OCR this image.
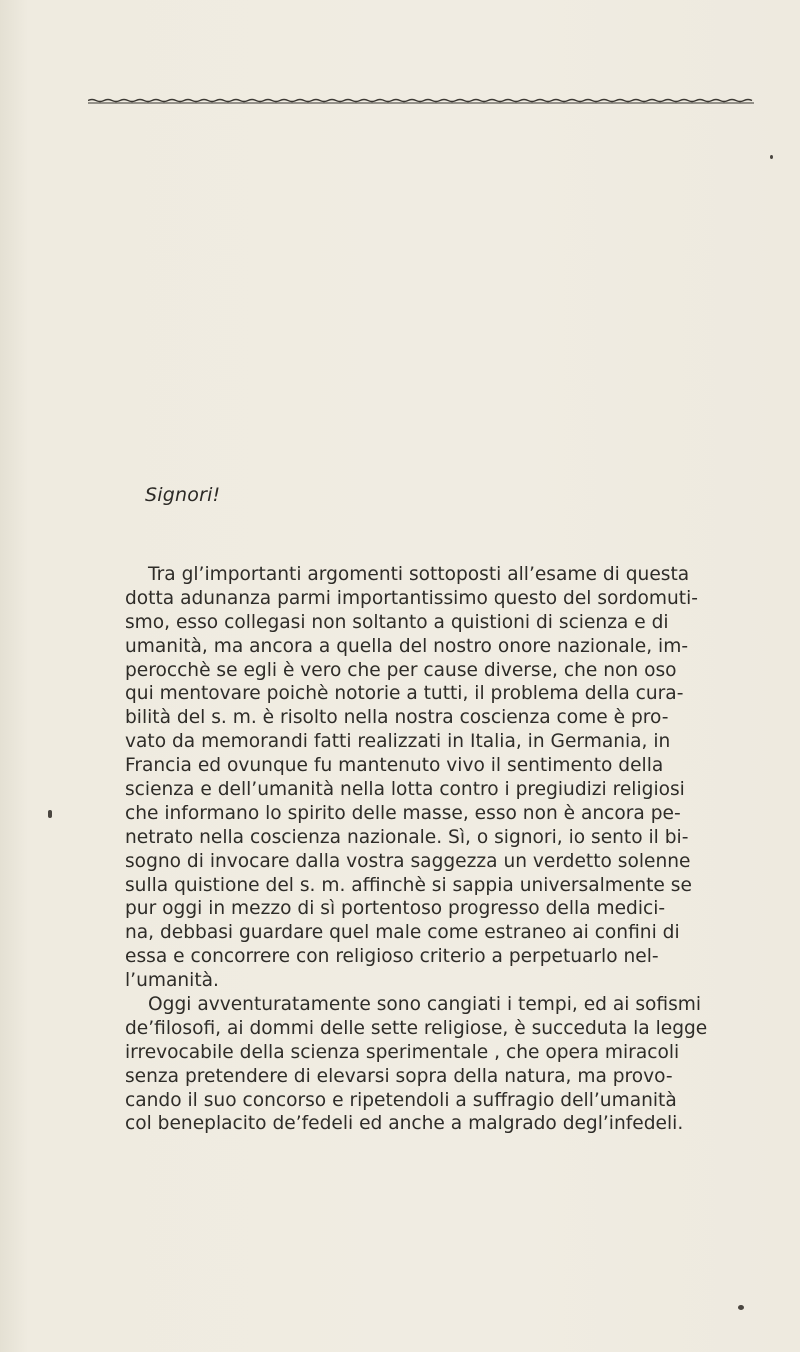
Signori!
Tra gl’importanti argomenti sottoposti all’esame di questa
dotta adunanza parmi importantissimo questo del sordomuti-
smo, esso collegasi non soltanto a quistioni di scienza e di
umanità, ma ancora a quella del nostro onore nazionale, im-
perocchè se egli è vero che per cause diverse, che non oso
qui mentovare poichè notorie a tutti, il problema della cura-
bilità del s. m. è risolto nella nostra coscienza come è pro-
vato da memorandi fatti realizzati in Italia, in Germania, in
Francia ed ovunque fu mantenuto vivo il sentimento della
scienza e dell’umanità nella lotta contro i pregiudizi religiosi
che informano lo spirito delle masse, esso non è ancora pe-
netrato nella coscienza nazionale. Sì, o signori, io sento il bi-
sogno di invocare dalla vostra saggezza un verdetto solenne
sulla quistione del s. m. affinchè si sappia universalmente se
pur oggi in mezzo di sì portentoso progresso della medici-
na, debbasi guardare quel male come estraneo ai confini di
essa e concorrere con religioso criterio a perpetuarlo nel-
l’umanità.
Oggi avventuratamente sono cangiati i tempi, ed ai sofismi
de’filosofi, ai dommi delle sette religiose, è succeduta la legge
irrevocabile della scienza sperimentale , che opera miracoli
senza pretendere di elevarsi sopra della natura, ma provo-
cando il suo concorso e ripetendoli a suffragio dell’umanità
col beneplacito de’fedeli ed anche a malgrado degl’infedeli.
